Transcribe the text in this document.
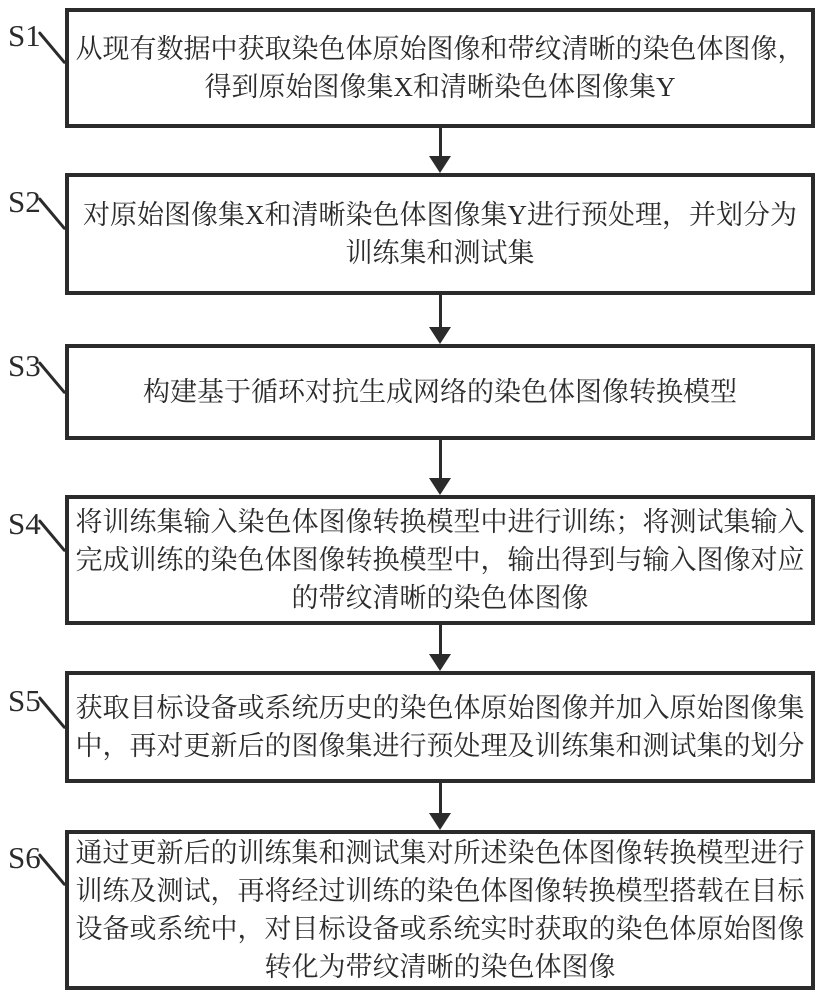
S1 从现有数据中获取染色体原始图像和带纹清晰的染色体图像，
得到原始图像集X和清晰染色体图像集Y
S2 对原始图像集X和清晰染色体图像集Y进行预处理，并划分为
训练集和测试集
S3
构建基于循环对抗生成网络的染色体图像转换模型
S4 将训练集输入染色体图像转换模型中进行训练；将测试集输入
完成训练的染色体图像转换模型中，输出得到与输入图像对应
的带纹清晰的染色体图像
S5 获取目标设备或系统历史的染色体原始图像并加入原始图像集
中，再对更新后的图像集进行预处理及训练集和测试集的划分
S6 通过更新后的训练集和测试集对所述染色体图像转换模型进行
训练及测试，再将经过训练的染色体图像转换模型搭载在目标
设备或系统中，对目标设备或系统实时获取的染色体原始图像
转化为带纹清晰的染色体图像
